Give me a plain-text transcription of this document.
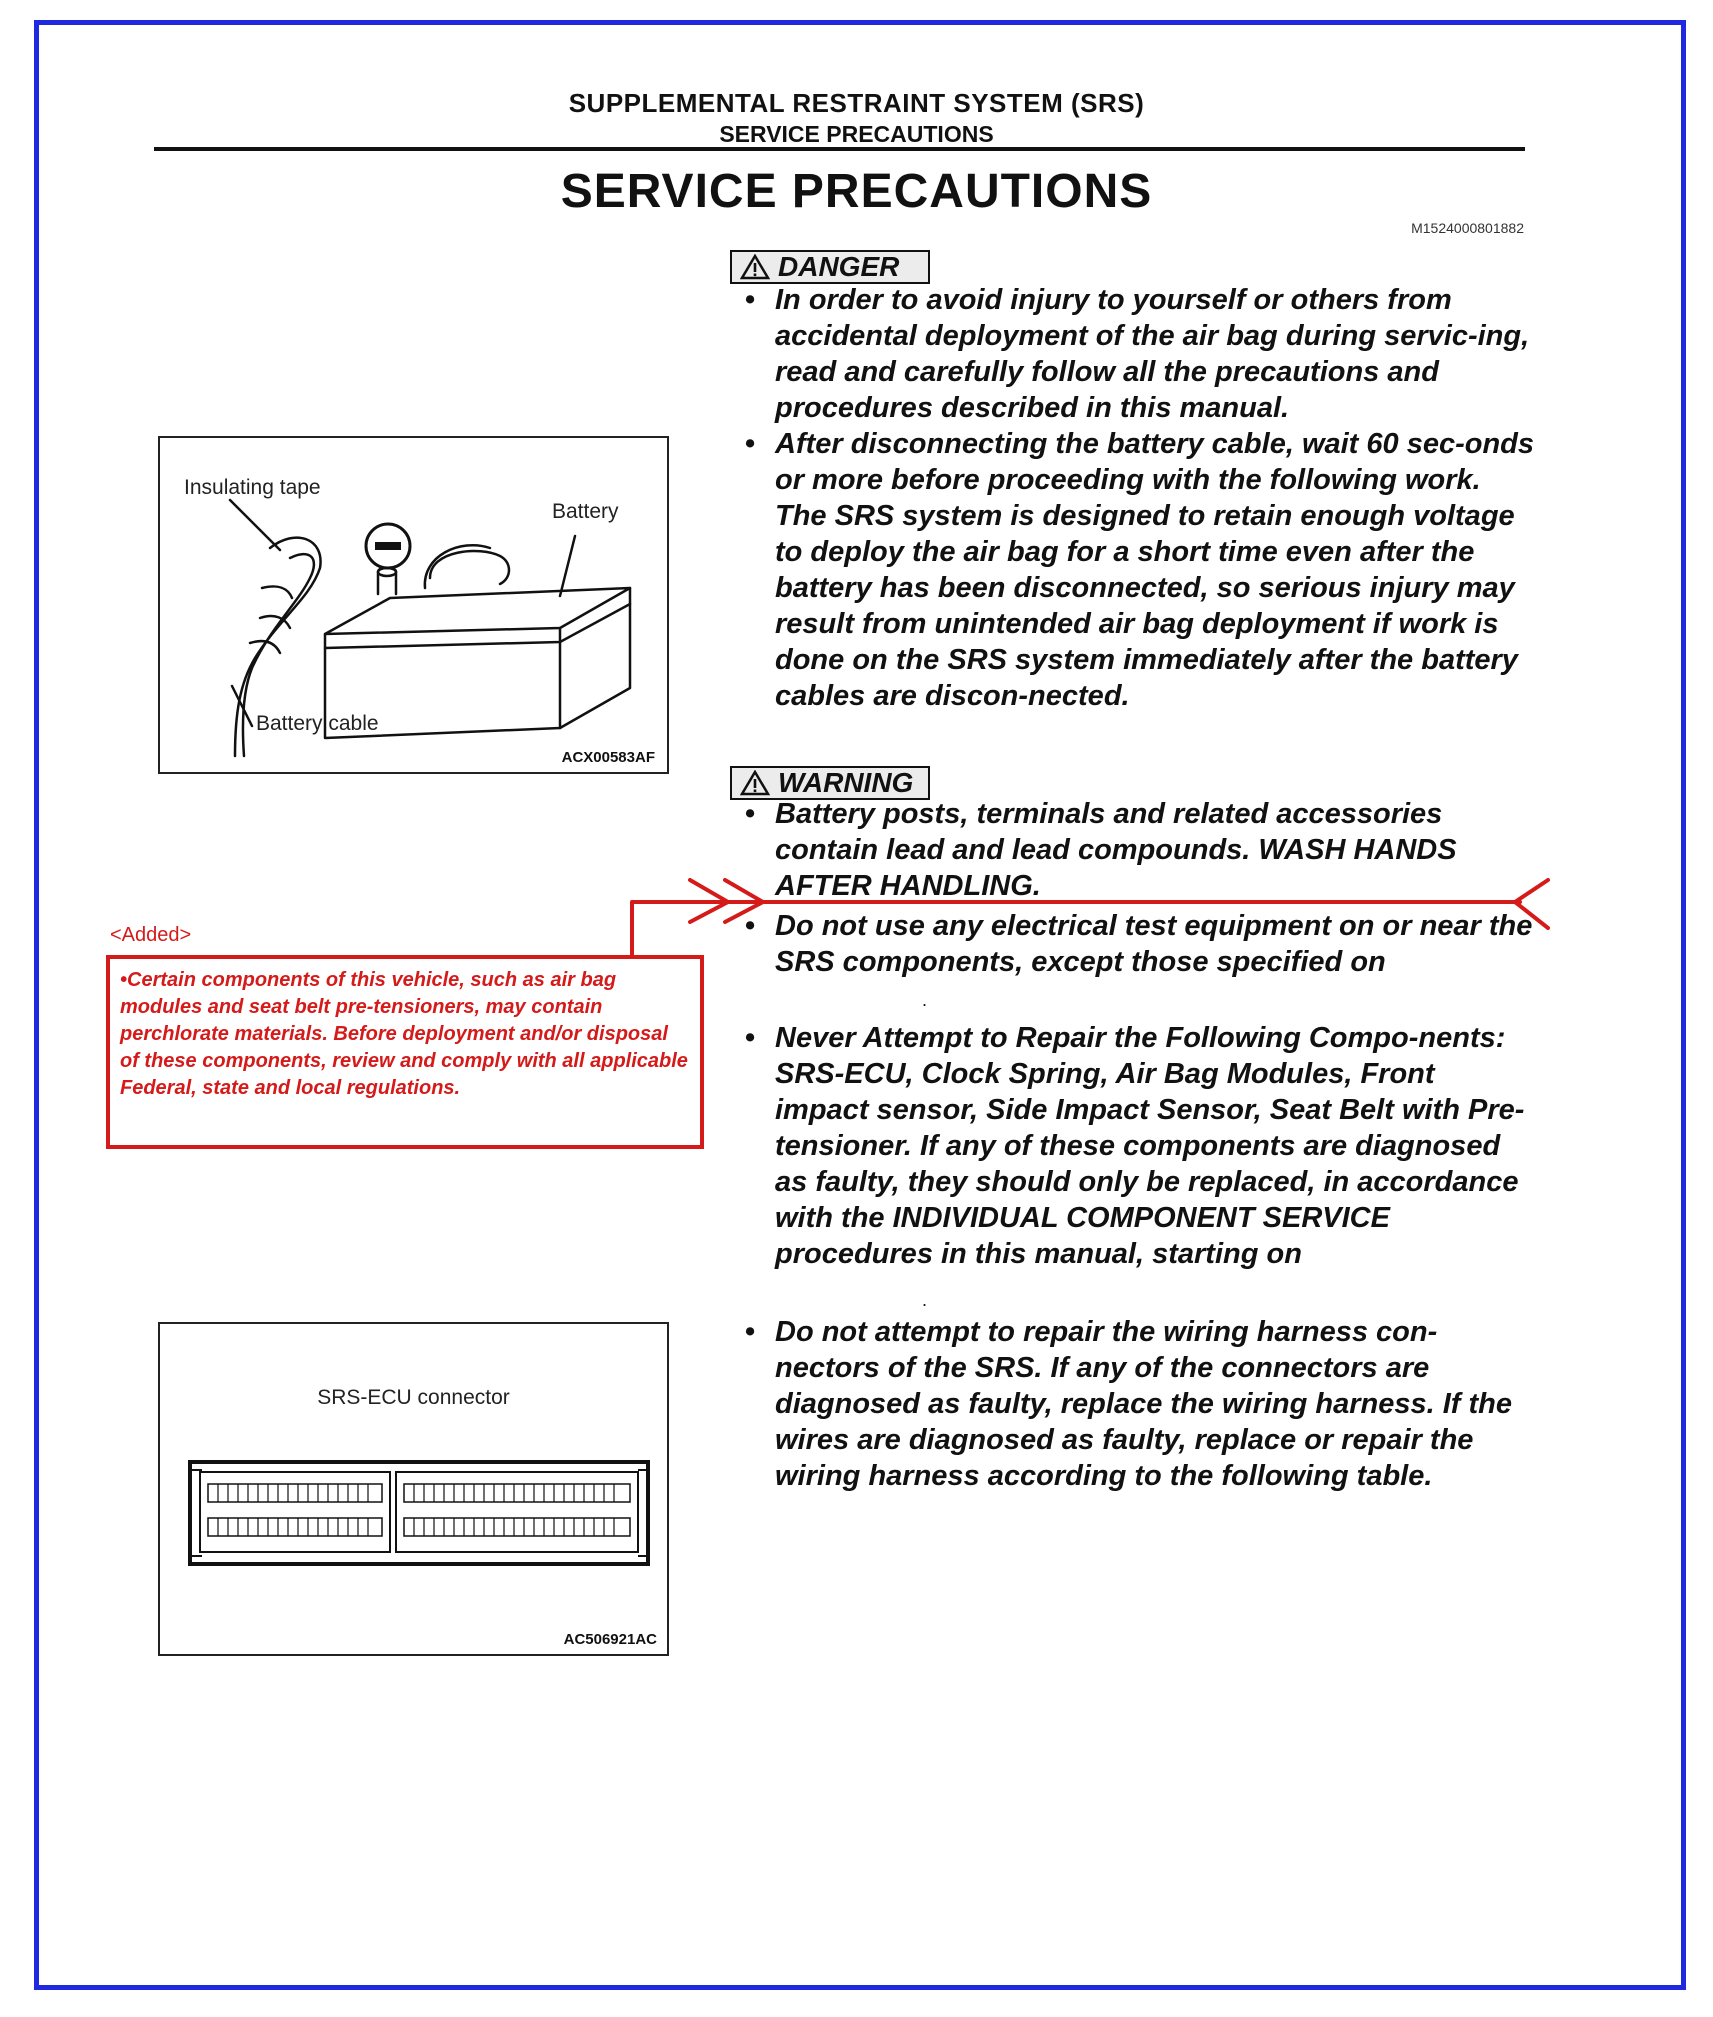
SUPPLEMENTAL RESTRAINT SYSTEM (SRS)
SERVICE PRECAUTIONS
SERVICE PRECAUTIONS
M1524000801882
DANGER
• In order to avoid injury to yourself or others from accidental deployment of the air bag during servic-ing, read and carefully follow all the precautions and procedures described in this manual.
• After disconnecting the battery cable, wait 60 sec-onds or more before proceeding with the following work. The SRS system is designed to retain enough voltage to deploy the air bag for a short time even after the battery has been disconnected, so serious injury may result from unintended air bag deployment if work is done on the SRS system immediately after the battery cables are discon-nected.
WARNING
• Battery posts, terminals and related accessories contain lead and lead compounds. WASH HANDS AFTER HANDLING.
• Do not use any electrical test equipment on or near the SRS components, except those specified on
.
• Never Attempt to Repair the Following Compo-nents: SRS-ECU, Clock Spring, Air Bag Modules, Front impact sensor, Side Impact Sensor, Seat Belt with Pre-tensioner. If any of these components are diagnosed as faulty, they should only be replaced, in accordance with the INDIVIDUAL COMPONENT SERVICE procedures in this manual, starting on
.
• Do not attempt to repair the wiring harness con-nectors of the SRS. If any of the connectors are diagnosed as faulty, replace the wiring harness. If the wires are diagnosed as faulty, replace or repair the wiring harness according to the following table.
Insulating tape
Battery
Battery cable
ACX00583AF
<Added>
•Certain components of this vehicle, such as air bag modules and seat belt pre-tensioners, may contain perchlorate materials. Before deployment and/or disposal of these components, review and comply with all applicable Federal, state and local regulations.
SRS-ECU connector
AC506921AC
